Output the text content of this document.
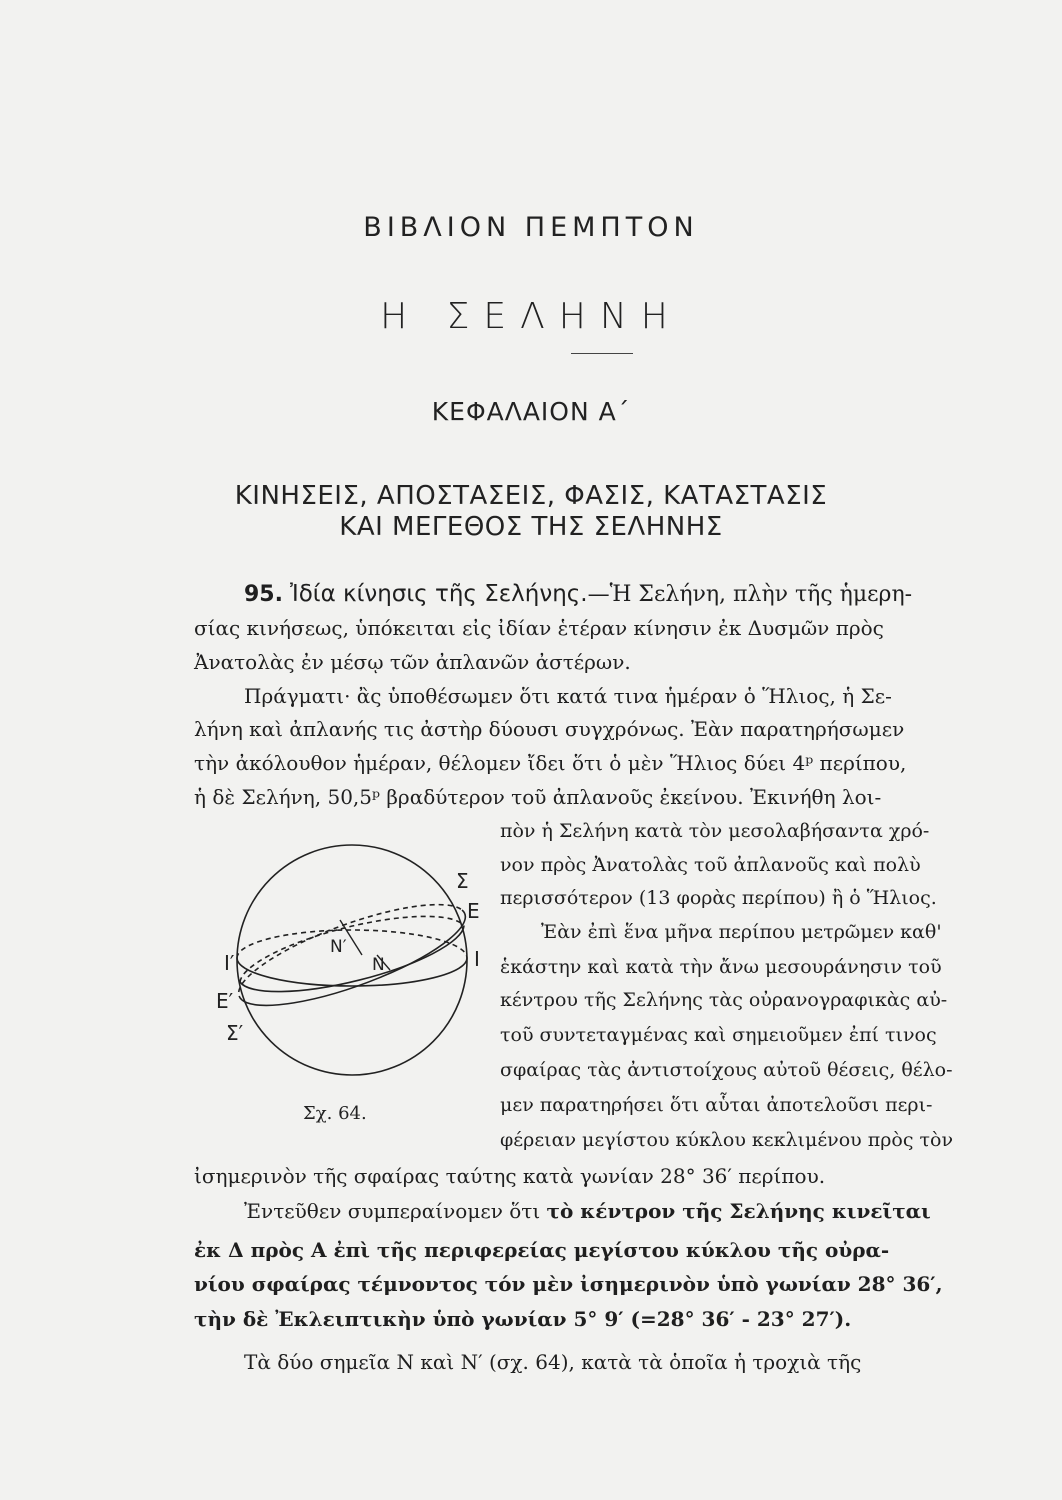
ΒΙΒΛΙΟΝ ΠΕΜΠΤΟΝ
Η ΣΕΛΗΝΗ
ΚΕΦΑΛΑΙΟΝ Α΄
ΚΙΝΗΣΕΙΣ, ΑΠΟΣΤΑΣΕΙΣ, ΦΑΣΙΣ, ΚΑΤΑΣΤΑΣΙΣ
ΚΑΙ ΜΕΓΕΘΟΣ ΤΗΣ ΣΕΛΗΝΗΣ
95. Ἰδία κίνησις τῆς Σελήνης.—Ἡ Σελήνη, πλὴν τῆς ἡμερη-
σίας κινήσεως, ὑπόκειται εἰς ἰδίαν ἑτέραν κίνησιν ἐκ Δυσμῶν πρὸς
Ἀνατολὰς ἐν μέσῳ τῶν ἀπλανῶν ἀστέρων.
Πράγματι· ἂς ὑποθέσωμεν ὅτι κατά τινα ἡμέραν ὁ Ἥλιος, ἡ Σε-
λήνη καὶ ἀπλανής τις ἀστὴρ δύουσι συγχρόνως. Ἐὰν παρατηρήσωμεν
τὴν ἀκόλουθον ἡμέραν, θέλομεν ἴδει ὅτι ὁ μὲν Ἥλιος δύει 4ᵖ περίπου,
ἡ δὲ Σελήνη, 50,5ᵖ βραδύτερον τοῦ ἀπλανοῦς ἐκείνου. Ἐκινήθη λοι-
πὸν ἡ Σελήνη κατὰ τὸν μεσολαβήσαντα χρό-
νον πρὸς Ἀνατολὰς τοῦ ἀπλανοῦς καὶ πολὺ
περισσότερον (13 φορὰς περίπου) ἢ ὁ Ἥλιος.
Ἐὰν ἐπὶ ἕνα μῆνα περίπου μετρῶμεν καθ'
ἑκάστην καὶ κατὰ τὴν ἄνω μεσουράνησιν τοῦ
κέντρου τῆς Σελήνης τὰς οὐρανογραφικὰς αὐ-
τοῦ συντεταγμένας καὶ σημειοῦμεν ἐπί τινος
σφαίρας τὰς ἀντιστοίχους αὐτοῦ θέσεις, θέλο-
μεν παρατηρήσει ὅτι αὗται ἀποτελοῦσι περι-
φέρειαν μεγίστου κύκλου κεκλιμένου πρὸς τὸν
Σ
Ε
Ι
Ι′
Ε′
Σ′
Ν′
Ν
Σχ. 64.
ἰσημερινὸν τῆς σφαίρας ταύτης κατὰ γωνίαν 28° 36′ περίπου.
Ἐντεῦθεν συμπεραίνομεν ὅτι τὸ κέντρον τῆς Σελήνης κινεῖται
ἐκ Δ πρὸς Α ἐπὶ τῆς περιφερείας μεγίστου κύκλου τῆς οὐρα-
νίου σφαίρας τέμνοντος τόν μὲν ἰσημερινὸν ὑπὸ γωνίαν 28° 36′,
τὴν δὲ Ἐκλειπτικὴν ὑπὸ γωνίαν 5° 9′ (=28° 36′ - 23° 27′).
Τὰ δύο σημεῖα Ν καὶ Ν′ (σχ. 64), κατὰ τὰ ὁποῖα ἡ τροχιὰ τῆς
